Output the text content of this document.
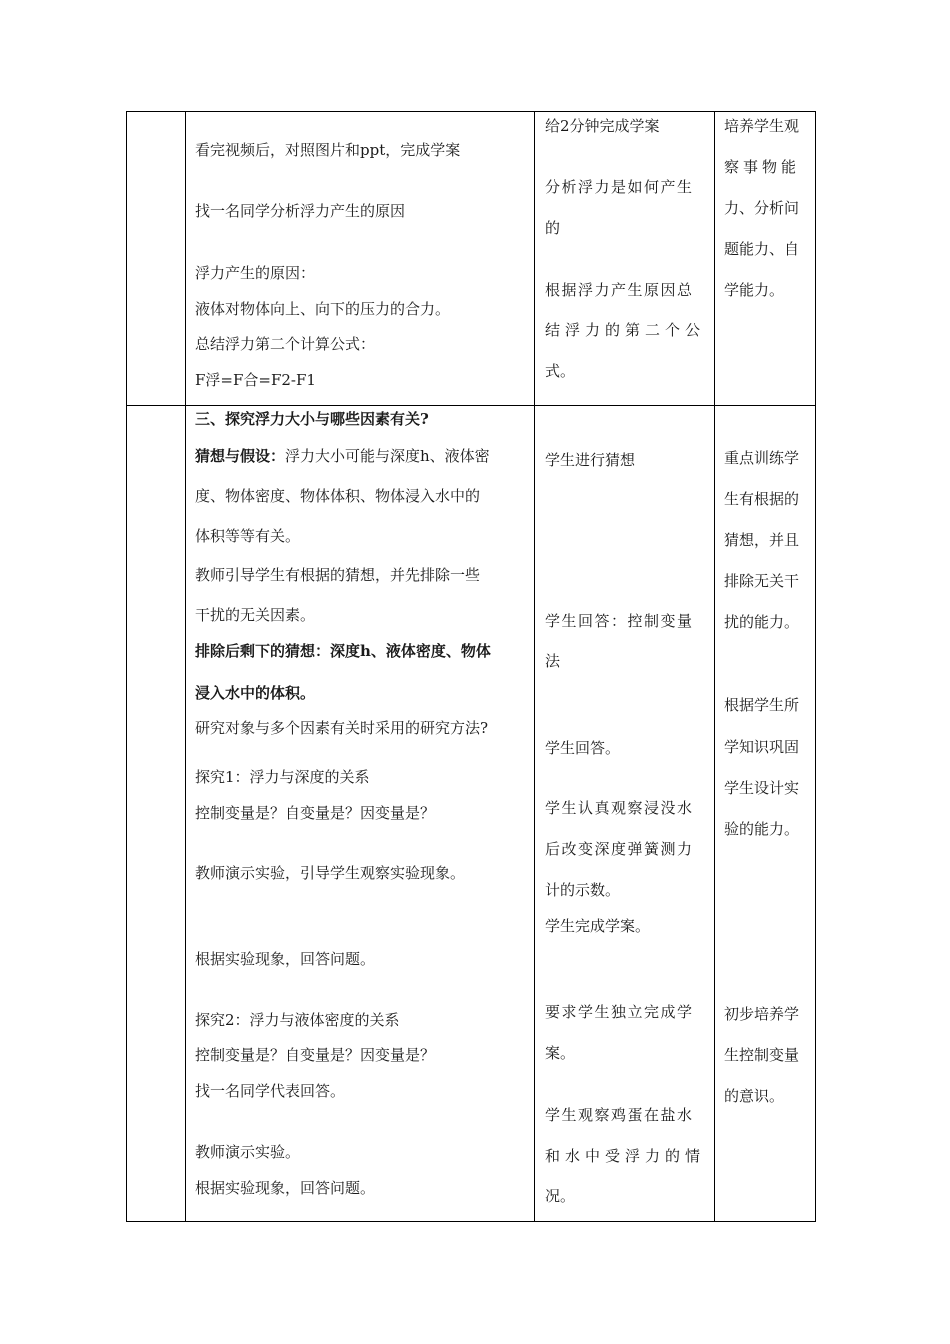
看完视频后，对照图片和ppt，完成学案
找一名同学分析浮力产生的原因
浮力产生的原因：
液体对物体向上、向下的压力的合力。
总结浮力第二个计算公式：
F浮=F合=F2-F1
给2分钟完成学案
分析浮力是如何产生
的
根据浮力产生原因总
结浮力的第二个公
式。
培养学生观
察事物能
力、分析问
题能力、自
学能力。
三、探究浮力大小与哪些因素有关?
猜想与假设：浮力大小可能与深度h、液体密
度、物体密度、物体体积、物体浸入水中的
体积等等有关。
教师引导学生有根据的猜想，并先排除一些
干扰的无关因素。
排除后剩下的猜想：深度h、液体密度、物体
浸入水中的体积。
研究对象与多个因素有关时采用的研究方法?
探究1：浮力与深度的关系
控制变量是？自变量是？因变量是？
教师演示实验，引导学生观察实验现象。
根据实验现象，回答问题。
探究2：浮力与液体密度的关系
控制变量是？自变量是？因变量是？
找一名同学代表回答。
教师演示实验。
根据实验现象，回答问题。
学生进行猜想
学生回答：控制变量
法
学生回答。
学生认真观察浸没水
后改变深度弹簧测力
计的示数。
学生完成学案。
要求学生独立完成学
案。
学生观察鸡蛋在盐水
和水中受浮力的情
况。
重点训练学
生有根据的
猜想，并且
排除无关干
扰的能力。
根据学生所
学知识巩固
学生设计实
验的能力。
初步培养学
生控制变量
的意识。
